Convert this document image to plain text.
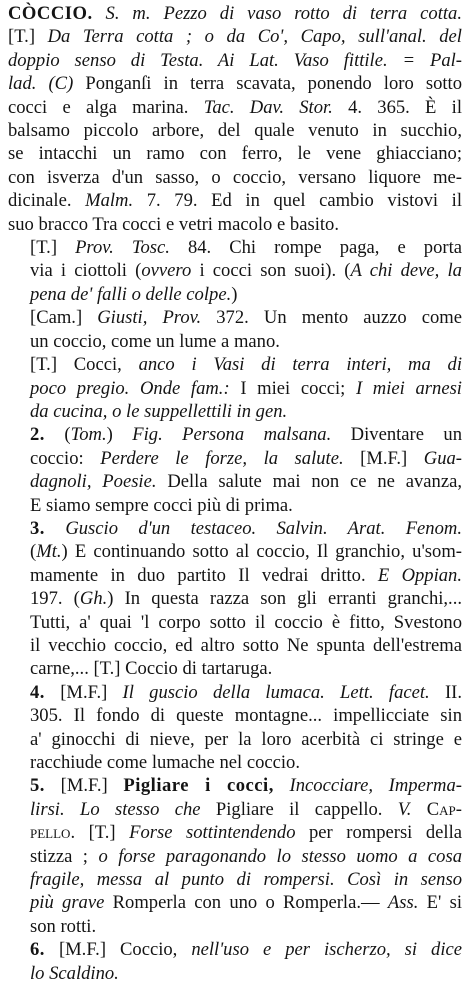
CÒCCIO. S. m. Pezzo di vaso rotto di terra cotta.
[T.] Da Terra cotta ; o da Co', Capo, sull'anal. del
doppio senso di Testa. Ai Lat. Vaso fittile. = Pal-
lad. (C) Ponganſi in terra scavata, ponendo loro sotto
cocci e alga marina. Tac. Dav. Stor. 4. 365. È il
balsamo piccolo arbore, del quale venuto in succhio,
se intacchi un ramo con ferro, le vene ghiacciano;
con isverza d'un sasso, o coccio, versano liquore me-
dicinale. Malm. 7. 79. Ed in quel cambio vistovi il
suo bracco Tra cocci e vetri macolo e basito.
[T.] Prov. Tosc. 84. Chi rompe paga, e porta
via i ciottoli (ovvero i cocci son suoi). (A chi deve, la
pena de' falli o delle colpe.)
[Cam.] Giusti, Prov. 372. Un mento auzzo come
un coccio, come un lume a mano.
[T.] Cocci, anco i Vasi di terra interi, ma di
poco pregio. Onde fam.: I miei cocci; I miei arnesi
da cucina, o le suppellettili in gen.
2. (Tom.) Fig. Persona malsana. Diventare un
coccio: Perdere le forze, la salute. [M.F.] Gua-
dagnoli, Poesie. Della salute mai non ce ne avanza,
E siamo sempre cocci più di prima.
3. Guscio d'un testaceo. Salvin. Arat. Fenom.
(Mt.) E continuando sotto al coccio, Il granchio, u'som-
mamente in duo partito Il vedrai dritto. E Oppian.
197. (Gh.) In questa razza son gli erranti granchi,...
Tutti, a' quai 'l corpo sotto il coccio è fitto, Svestono
il vecchio coccio, ed altro sotto Ne spunta dell'estrema
carne,... [T.] Coccio di tartaruga.
4. [M.F.] Il guscio della lumaca. Lett. facet. II.
305. Il fondo di queste montagne... impellicciate sin
a' ginocchi di nieve, per la loro acerbità ci stringe e
racchiude come lumache nel coccio.
5. [M.F.] Pigliare i cocci, Incocciare, Imperma-
lirsi. Lo stesso che Pigliare il cappello. V. Cap-
pello. [T.] Forse sottintendendo per rompersi della
stizza ; o forse paragonando lo stesso uomo a cosa
fragile, messa al punto di rompersi. Così in senso
più grave Romperla con uno o Romperla.— Ass. E' si
son rotti.
6. [M.F.] Coccio, nell'uso e per ischerzo, si dice
lo Scaldino.
